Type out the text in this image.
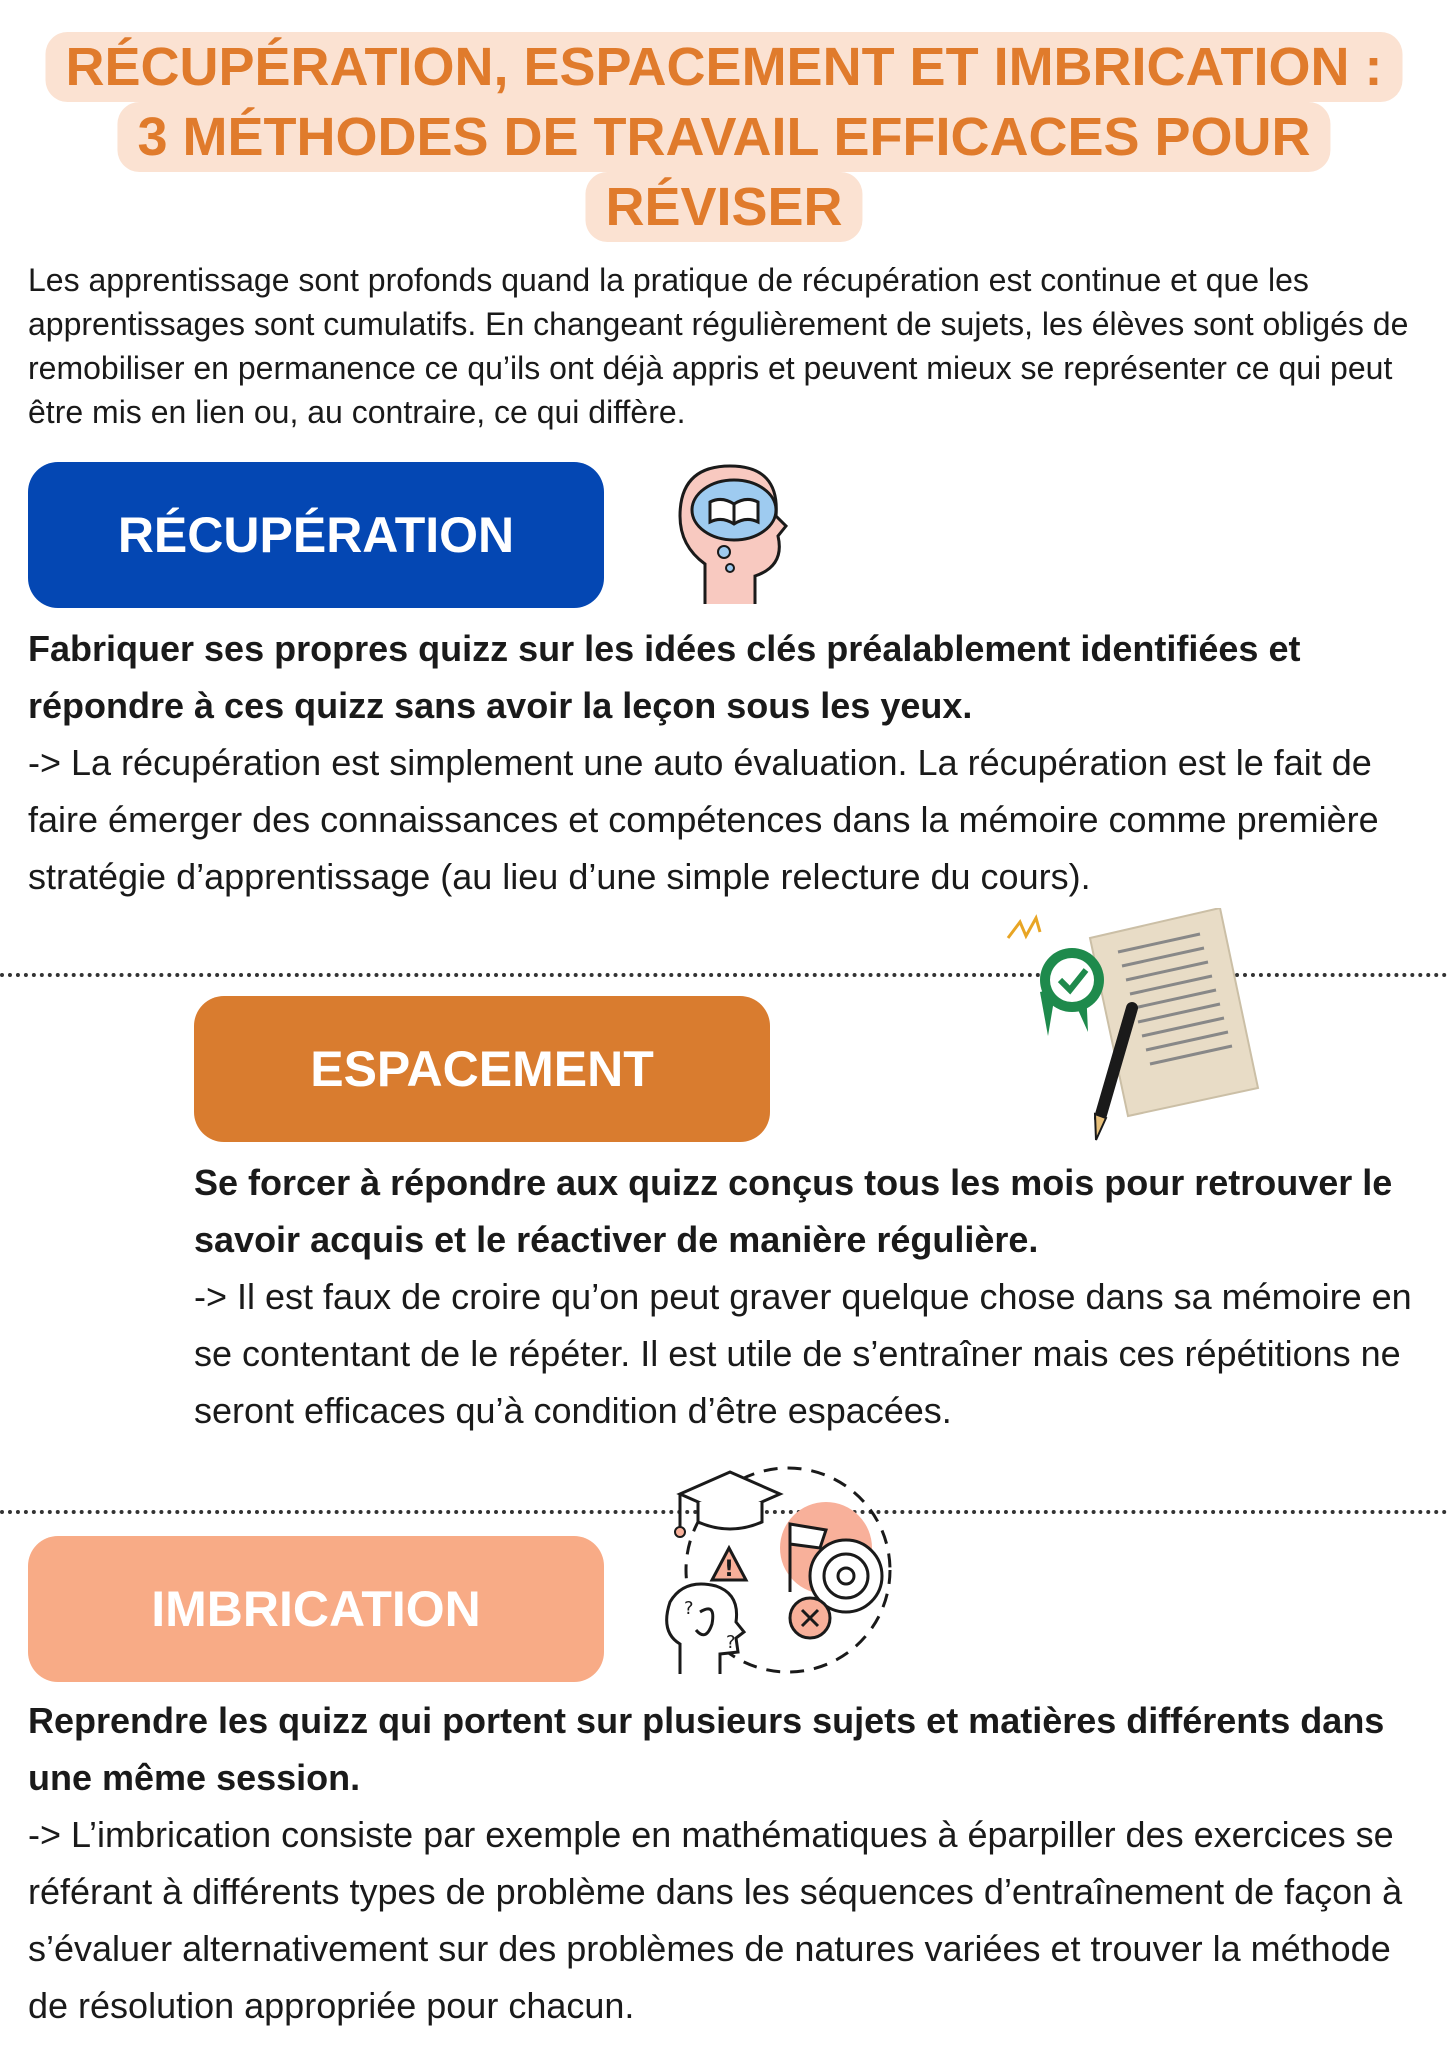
RÉCUPÉRATION, ESPACEMENT ET IMBRICATION :
3 MÉTHODES DE TRAVAIL EFFICACES POUR
RÉVISER

Les apprentissage sont profonds quand la pratique de récupération est continue et que les apprentissages sont cumulatifs. En changeant régulièrement de sujets, les élèves sont obligés de remobiliser en permanence ce qu’ils ont déjà appris et peuvent mieux se représenter ce qui peut être mis en lien ou, au contraire, ce qui diffère.

RÉCUPÉRATION
Fabriquer ses propres quizz sur les idées clés préalablement identifiées et répondre à ces quizz sans avoir la leçon sous les yeux.
-> La récupération est simplement une auto évaluation. La récupération est le fait de faire émerger des connaissances et compétences dans la mémoire comme première stratégie d’apprentissage (au lieu d’une simple relecture du cours).
ESPACEMENT
Se forcer à répondre aux quizz conçus tous les mois pour retrouver le savoir acquis et le réactiver de manière régulière.
-> Il est faux de croire qu’on peut graver quelque chose dans sa mémoire en se contentant de le répéter. Il est utile de s’entraîner mais ces répétitions ne seront efficaces qu’à condition d’être espacées.
IMBRICATION
!
?
?
Reprendre les quizz qui portent sur plusieurs sujets et matières différents dans une même session.
-> L’imbrication consiste par exemple en mathématiques à éparpiller des exercices se référant à différents types de problème dans les séquences d’entraînement de façon à s’évaluer alternativement sur des problèmes de natures variées et trouver la méthode de résolution appropriée pour chacun.
